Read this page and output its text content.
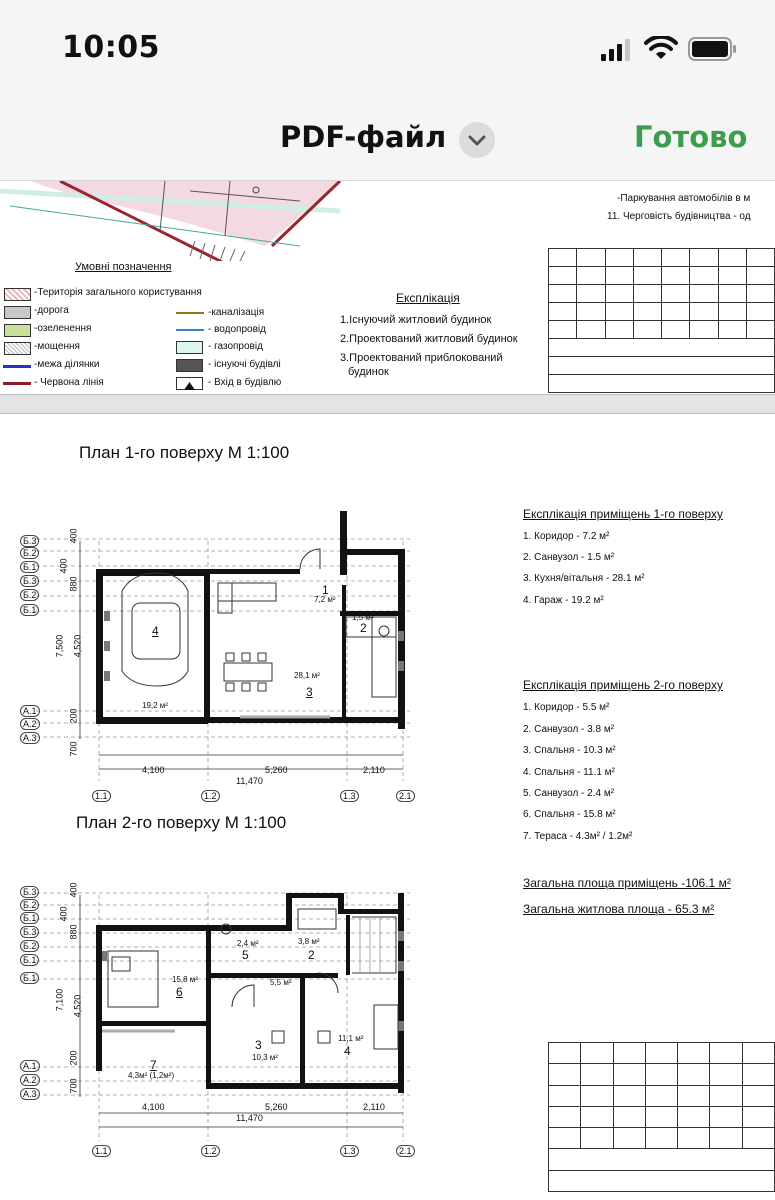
10:05
PDF-файл	Готово
-Паркування автомобілів в м
11. Черговість будівництва - од

Умовні позначення
-Територія загального користування
-дорога
-озеленення
-мощення
-межа ділянки
- Червона лінія
-каналізація
- водопровід
- газопровід
- існуючі будівлі
- Вхід в будівлю
Експлікація
1.Існуючий житловий будинок
2.Проектований житловий будинок
3.Проектований приблокований
будинок
План 1-го поверху М 1:100
Б.3
Б.2
Б.1
Б.3
Б.2
Б.1
А.1
А.2
А.3
400
400
880
7,500 4,520
200
700
4,100	5,260	2,110
11,470
1.1	1.2	1.3	2.1
1
7,2 м²
1,5 м²
2
28,1 м²
3
4
19,2 м²
План 2-го поверху М 1:100
Б.3
Б.2
Б.1
Б.3
Б.2
Б.1
Б.1
А.1
А.2
А.3
400
400
880
7,100 4,520
200
700
4,100	5,260	2,110
11,470
1.1	1.2	1.3	2.1
2,4 м²
5
3,8 м²
2
5,5 м²
15,8 м²
6
3
10,3 м²
11,1 м²
4
7
4,3м² (1,2м²)
Експлікація приміщень 1-го поверху
1. Коридор - 7.2 м²
2. Санвузол - 1.5 м²
3. Кухня/вітальня - 28.1 м²
4. Гараж - 19.2 м²
Експлікація приміщень 2-го поверху
1. Коридор - 5.5 м²
2. Санвузол - 3.8 м²
3. Спальня - 10.3 м²
4. Спальня - 11.1 м²
5. Санвузол - 2.4 м²
6. Спальня - 15.8 м²
7. Тераса - 4.3м² / 1.2м²
Загальна площа приміщень -106.1 м²
Загальна житлова площа - 65.3 м²
